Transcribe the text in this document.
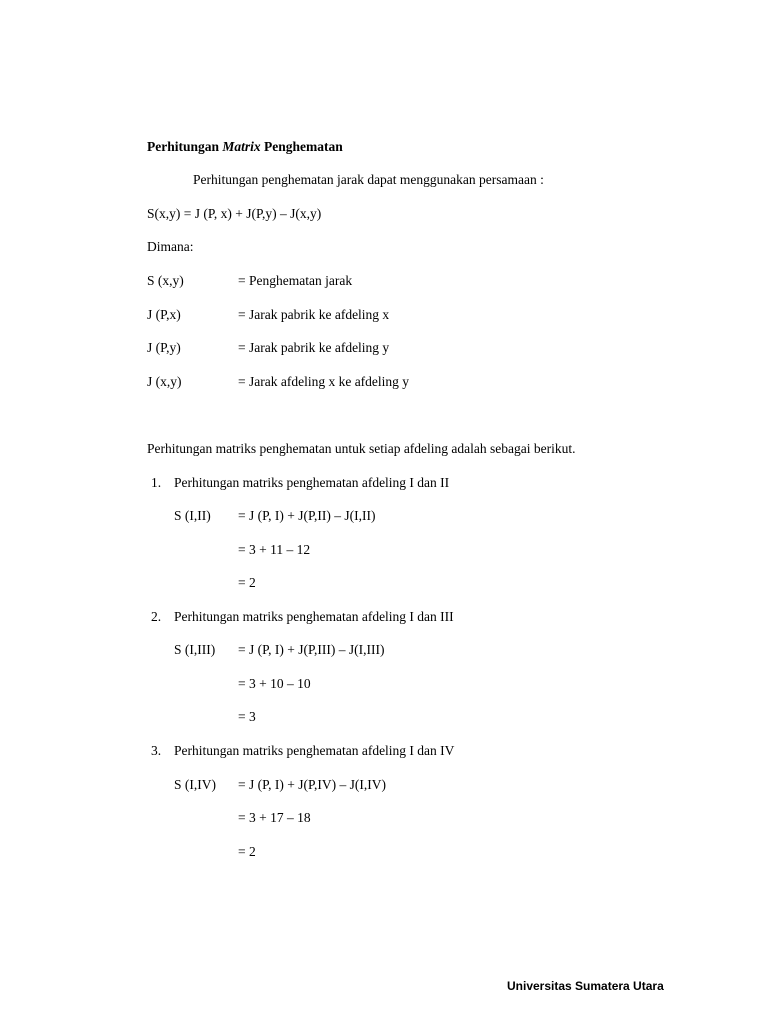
Perhitungan Matrix Penghematan
Perhitungan penghematan jarak dapat menggunakan persamaan :
S(x,y) = J (P, x) + J(P,y) – J(x,y)
Dimana:
S (x,y)	= Penghematan jarak
J (P,x)	= Jarak pabrik ke afdeling x
J (P,y)	= Jarak pabrik ke afdeling y
J (x,y)	= Jarak afdeling x ke afdeling y
Perhitungan matriks penghematan untuk setiap afdeling adalah sebagai berikut.
1. Perhitungan matriks penghematan afdeling I dan II
S (I,II) = J (P, I) + J(P,II) – J(I,II)
= 3 + 11 – 12
= 2
2. Perhitungan matriks penghematan afdeling I dan III
S (I,III) = J (P, I) + J(P,III) – J(I,III)
= 3 + 10 – 10
= 3
3. Perhitungan matriks penghematan afdeling I dan IV
S (I,IV) = J (P, I) + J(P,IV) – J(I,IV)
= 3 + 17 – 18
= 2
Universitas Sumatera Utara
